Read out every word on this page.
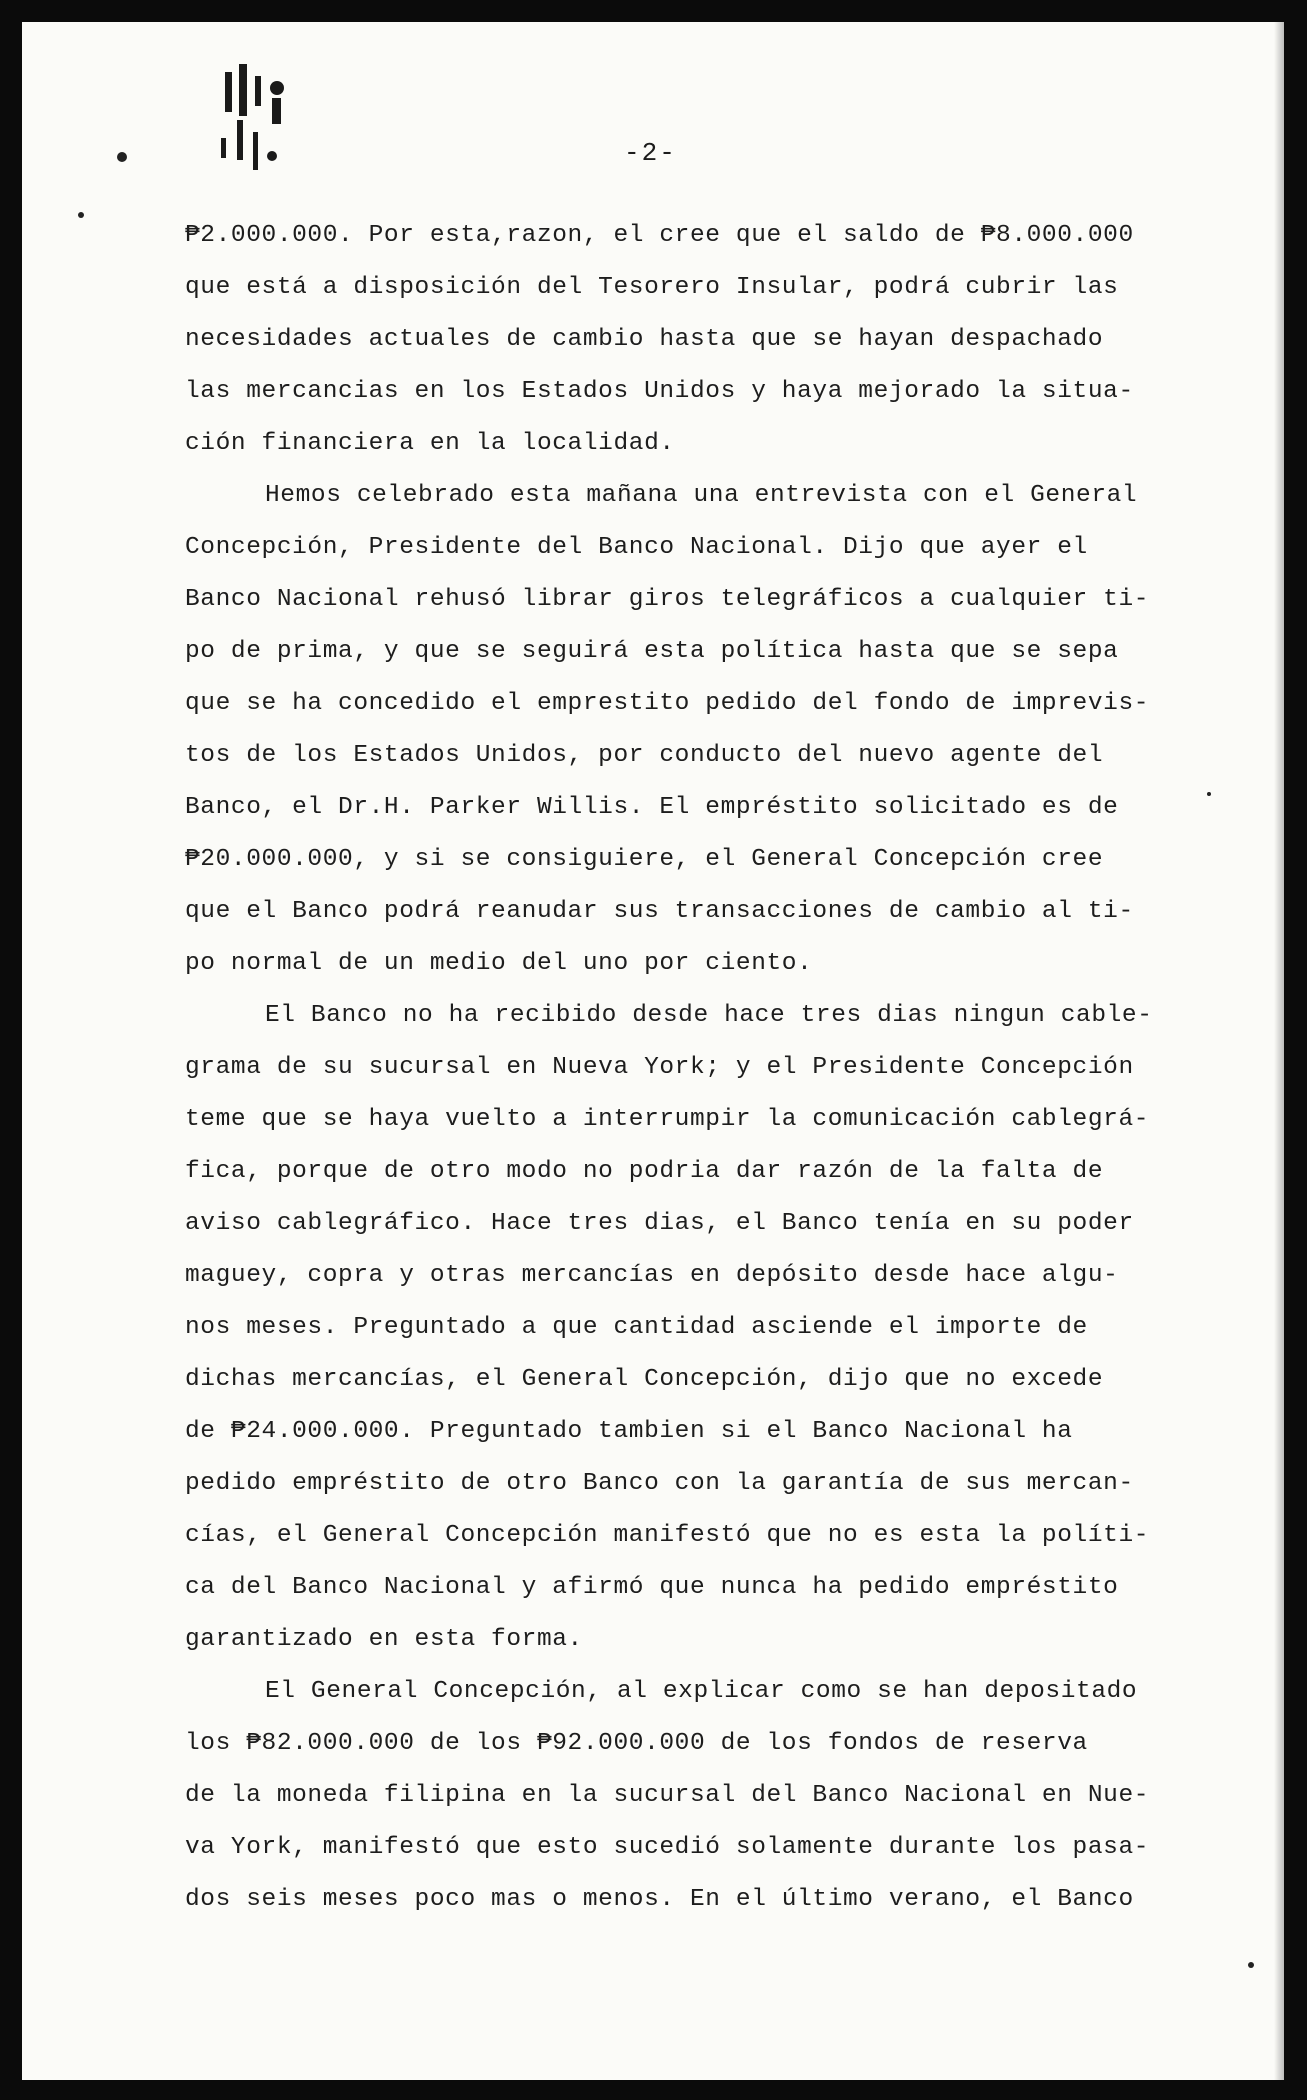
-2-

₱2.000.000. Por esta,razon, el cree que el saldo de ₱8.000.000
que está a disposición del Tesorero Insular, podrá cubrir las
necesidades actuales de cambio hasta que se hayan despachado
las mercancias en los Estados Unidos y haya mejorado la situa-
ción financiera en la localidad.

Hemos celebrado esta mañana una entrevista con el General
Concepción, Presidente del Banco Nacional. Dijo que ayer el
Banco Nacional rehusó librar giros telegráficos a cualquier ti-
po de prima, y que se seguirá esta política hasta que se sepa
que se ha concedido el emprestito pedido del fondo de imprevis-
tos de los Estados Unidos, por conducto del nuevo agente del
Banco, el Dr.H. Parker Willis. El empréstito solicitado es de
₱20.000.000, y si se consiguiere, el General Concepción cree
que el Banco podrá reanudar sus transacciones de cambio al ti-
po normal de un medio del uno por ciento.

El Banco no ha recibido desde hace tres dias ningun cable-
grama de su sucursal en Nueva York; y el Presidente Concepción
teme que se haya vuelto a interrumpir la comunicación cablegrá-
fica, porque de otro modo no podria dar razón de la falta de
aviso cablegráfico. Hace tres dias, el Banco tenía en su poder
maguey, copra y otras mercancías en depósito desde hace algu-
nos meses. Preguntado a que cantidad asciende el importe de
dichas mercancías, el General Concepción, dijo que no excede
de ₱24.000.000. Preguntado tambien si el Banco Nacional ha
pedido empréstito de otro Banco con la garantía de sus mercan-
cías, el General Concepción manifestó que no es esta la políti-
ca del Banco Nacional y afirmó que nunca ha pedido empréstito
garantizado en esta forma.

El General Concepción, al explicar como se han depositado
los ₱82.000.000 de los ₱92.000.000 de los fondos de reserva
de la moneda filipina en la sucursal del Banco Nacional en Nue-
va York, manifestó que esto sucedió solamente durante los pasa-
dos seis meses poco mas o menos. En el último verano, el Banco
